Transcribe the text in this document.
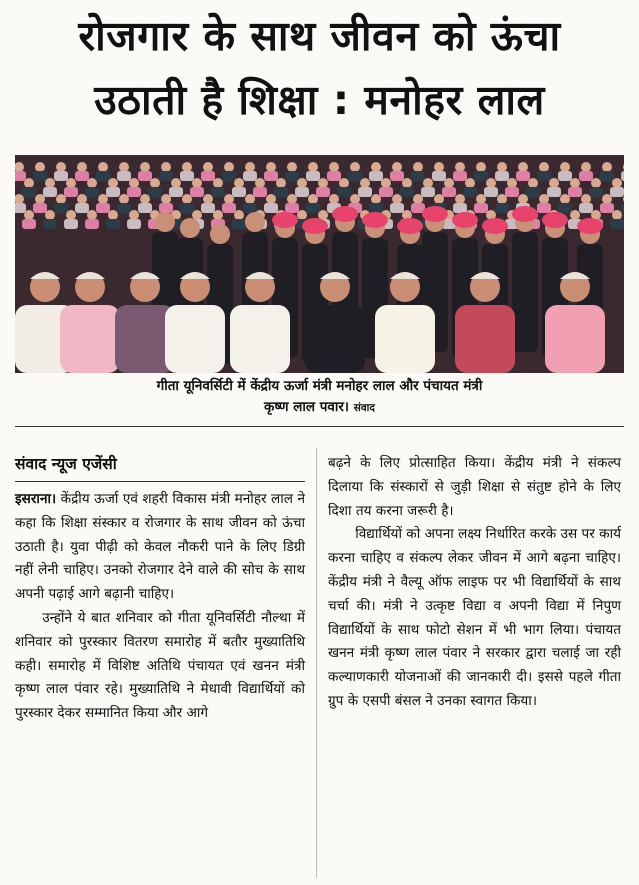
रोजगार के साथ जीवन को ऊंचा
उठाती है शिक्षा : मनोहर लाल
गीता यूनिवर्सिटी में केंद्रीय ऊर्जा मंत्री मनोहर लाल और पंचायत मंत्री
कृष्ण लाल पवार। संवाद
संवाद न्यूज एजेंसी

इसराना। केंद्रीय ऊर्जा एवं शहरी विकास मंत्री मनोहर लाल ने कहा कि शिक्षा संस्कार व रोजगार के साथ जीवन को ऊंचा उठाती है। युवा पीढ़ी को केवल नौकरी पाने के लिए डिग्री नहीं लेनी चाहिए। उनको रोजगार देने वाले की सोच के साथ अपनी पढ़ाई आगे बढ़ानी चाहिए।

उन्होंने ये बात शनिवार को गीता यूनिवर्सिटी नौल्था में शनिवार को पुरस्कार वितरण समारोह में बतौर मुख्यातिथि कही। समारोह में विशिष्ट अतिथि पंचायत एवं खनन मंत्री कृष्ण लाल पंवार रहे। मुख्यातिथि ने मेधावी विद्यार्थियों को पुरस्कार देकर सम्मानित किया और आगे

बढ़ने के लिए प्रोत्साहित किया। केंद्रीय मंत्री ने संकल्प दिलाया कि संस्कारों से जुड़ी शिक्षा से संतुष्ट होने के लिए दिशा तय करना जरूरी है।

विद्यार्थियों को अपना लक्ष्य निर्धारित करके उस पर कार्य करना चाहिए व संकल्प लेकर जीवन में आगे बढ़ना चाहिए। केंद्रीय मंत्री ने वैल्यू ऑफ लाइफ पर भी विद्यार्थियों के साथ चर्चा की। मंत्री ने उत्कृष्ट विद्या व अपनी विद्या में निपुण विद्यार्थियों के साथ फोटो सेशन में भी भाग लिया। पंचायत खनन मंत्री कृष्ण लाल पंवार ने सरकार द्वारा चलाई जा रही कल्याणकारी योजनाओं की जानकारी दी। इससे पहले गीता ग्रुप के एसपी बंसल ने उनका स्वागत किया।
